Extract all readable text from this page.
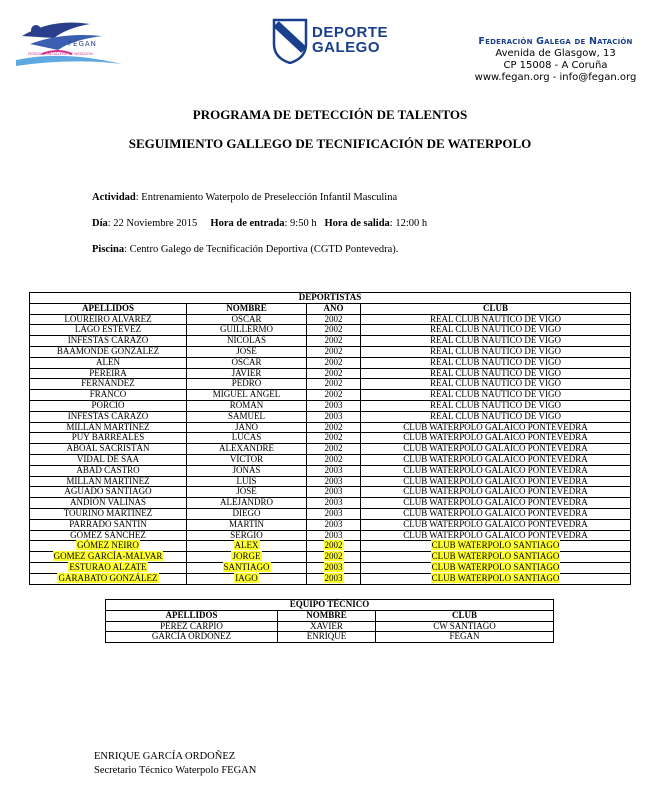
FEGAN
FEDERACIÓN GALEGA DE NATACIÓN
DEPORTE
GALEGO	Federación Galega de Natación
Avenida de Glasgow, 13
CP 15008 - A Coruña
www.fegan.org - info@fegan.org
PROGRAMA DE DETECCIÓN DE TALENTOS
SEGUIMIENTO GALLEGO DE TECNIFICACIÓN DE WATERPOLO
Actividad: Entrenamiento Waterpolo de Preselección Infantil Masculina
Día: 22 Noviembre 2015 Hora de entrada: 9:50 h Hora de salida: 12:00 h
Piscina: Centro Galego de Tecnificación Deportiva (CGTD Pontevedra).
DEPORTISTAS			
APELLIDOS	NOMBRE	AÑO	CLUB
LOUREIRO ALVAREZ	OSCAR	2002	REAL CLUB NAUTICO DE VIGO
LAGO ESTÉVEZ	GUILLERMO	2002	REAL CLUB NAUTICO DE VIGO
INFESTAS CARAZO	NICOLÁS	2002	REAL CLUB NAUTICO DE VIGO
BAAMONDE GONZÁLEZ	JOSÉ	2002	REAL CLUB NAUTICO DE VIGO
ALEN	OSCAR	2002	REAL CLUB NAUTICO DE VIGO
PEREIRA	JAVIER	2002	REAL CLUB NAUTICO DE VIGO
FERNÁNDEZ	PEDRO	2002	REAL CLUB NAUTICO DE VIGO
FRANCO	MIGUEL ÁNGEL	2002	REAL CLUB NAUTICO DE VIGO
PORCIO	ROMAN	2003	REAL CLUB NAUTICO DE VIGO
INFESTAS CARAZO	SAMUEL	2003	REAL CLUB NAUTICO DE VIGO
MILLÁN MARTÍNEZ	JANO	2002	CLUB WATERPOLO GALAICO PONTEVEDRA
PUY BARREALES	LUCAS	2002	CLUB WATERPOLO GALAICO PONTEVEDRA
ABOAL SACRISTÁN	ALEXANDRE	2002	CLUB WATERPOLO GALAICO PONTEVEDRA
VIDAL DE SAA	VÍCTOR	2002	CLUB WATERPOLO GALAICO PONTEVEDRA
ABAD CASTRO	JONÁS	2003	CLUB WATERPOLO GALAICO PONTEVEDRA
MILLÁN MARTÍNEZ	LUIS	2003	CLUB WATERPOLO GALAICO PONTEVEDRA
AGUADO SANTIAGO	JOSE	2003	CLUB WATERPOLO GALAICO PONTEVEDRA
ANDIÓN VALIÑAS	ALEJANDRO	2003	CLUB WATERPOLO GALAICO PONTEVEDRA
TOURIÑO MARTÍNEZ	DIEGO	2003	CLUB WATERPOLO GALAICO PONTEVEDRA
PARRADO SANTIN	MARTÍN	2003	CLUB WATERPOLO GALAICO PONTEVEDRA
GOMEZ SÁNCHEZ	SERGIO	2003	CLUB WATERPOLO GALAICO PONTEVEDRA
GÓMEZ NEIRO	ALEX	2002	CLUB WATERPOLO SANTIAGO
GOMEZ GARCÍA-MALVAR	JORGE	2002	CLUB WATERPOLO SANTIAGO
ESTURAO ALZATE	SANTIAGO	2003	CLUB WATERPOLO SANTIAGO
GARABATO GONZÁLEZ	IAGO	2003	CLUB WATERPOLO SANTIAGO
EQUIPO TÉCNICO		
APELLIDOS	NOMBRE	CLUB
PÉREZ CARPIO	XAVIER	CW SANTIAGO
GARCÍA ORDOÑEZ	ENRIQUE	FEGAN
ENRIQUE GARCÍA ORDOÑEZ
Secretario Técnico Waterpolo FEGAN
